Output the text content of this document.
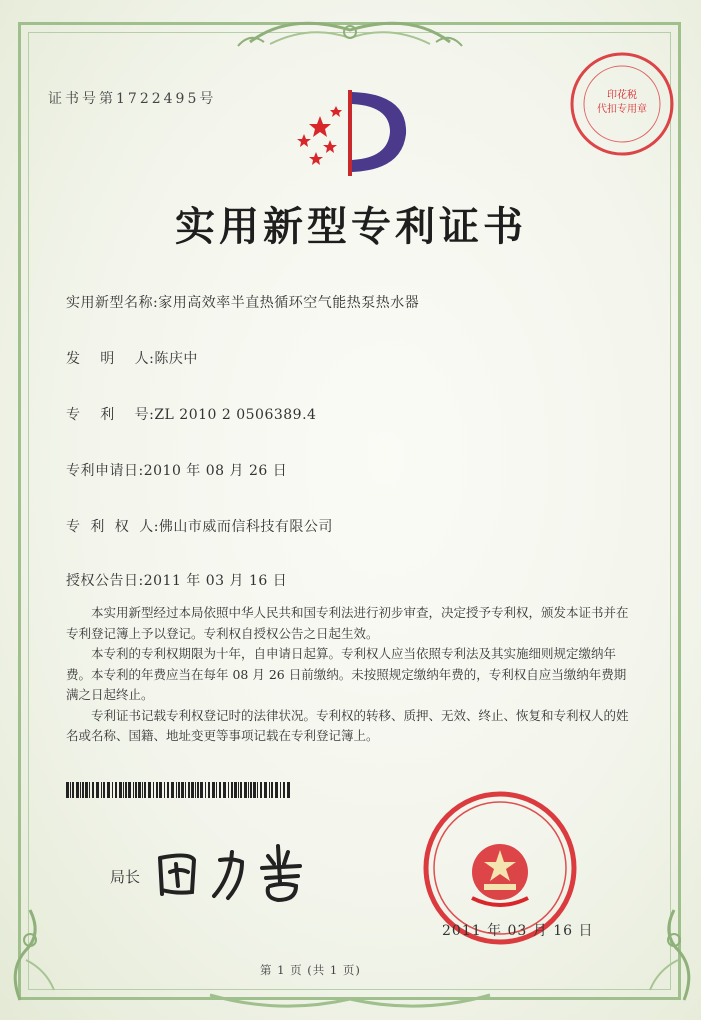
证书号第1722495号	印花税
代扣专用章
实用新型专利证书
实用新型名称:家用高效率半直热循环空气能热泵热水器
发    明    人:陈庆中
专    利    号:ZL 2010 2 0506389.4
专利申请日:2010 年 08 月 26 日
专  利  权  人:佛山市威而信科技有限公司
授权公告日:2011 年 03 月 16 日

本实用新型经过本局依照中华人民共和国专利法进行初步审查，决定授予专利权，颁发本证书并在专利登记簿上予以登记。专利权自授权公告之日起生效。

本专利的专利权期限为十年，自申请日起算。专利权人应当依照专利法及其实施细则规定缴纳年费。本专利的年费应当在每年 08 月 26 日前缴纳。未按照规定缴纳年费的，专利权自应当缴纳年费期满之日起终止。

专利证书记载专利权登记时的法律状况。专利权的转移、质押、无效、终止、恢复和专利权人的姓名或名称、国籍、地址变更等事项记载在专利登记簿上。

局长
2011 年 03 月 16 日
第 1 页 (共 1 页)
